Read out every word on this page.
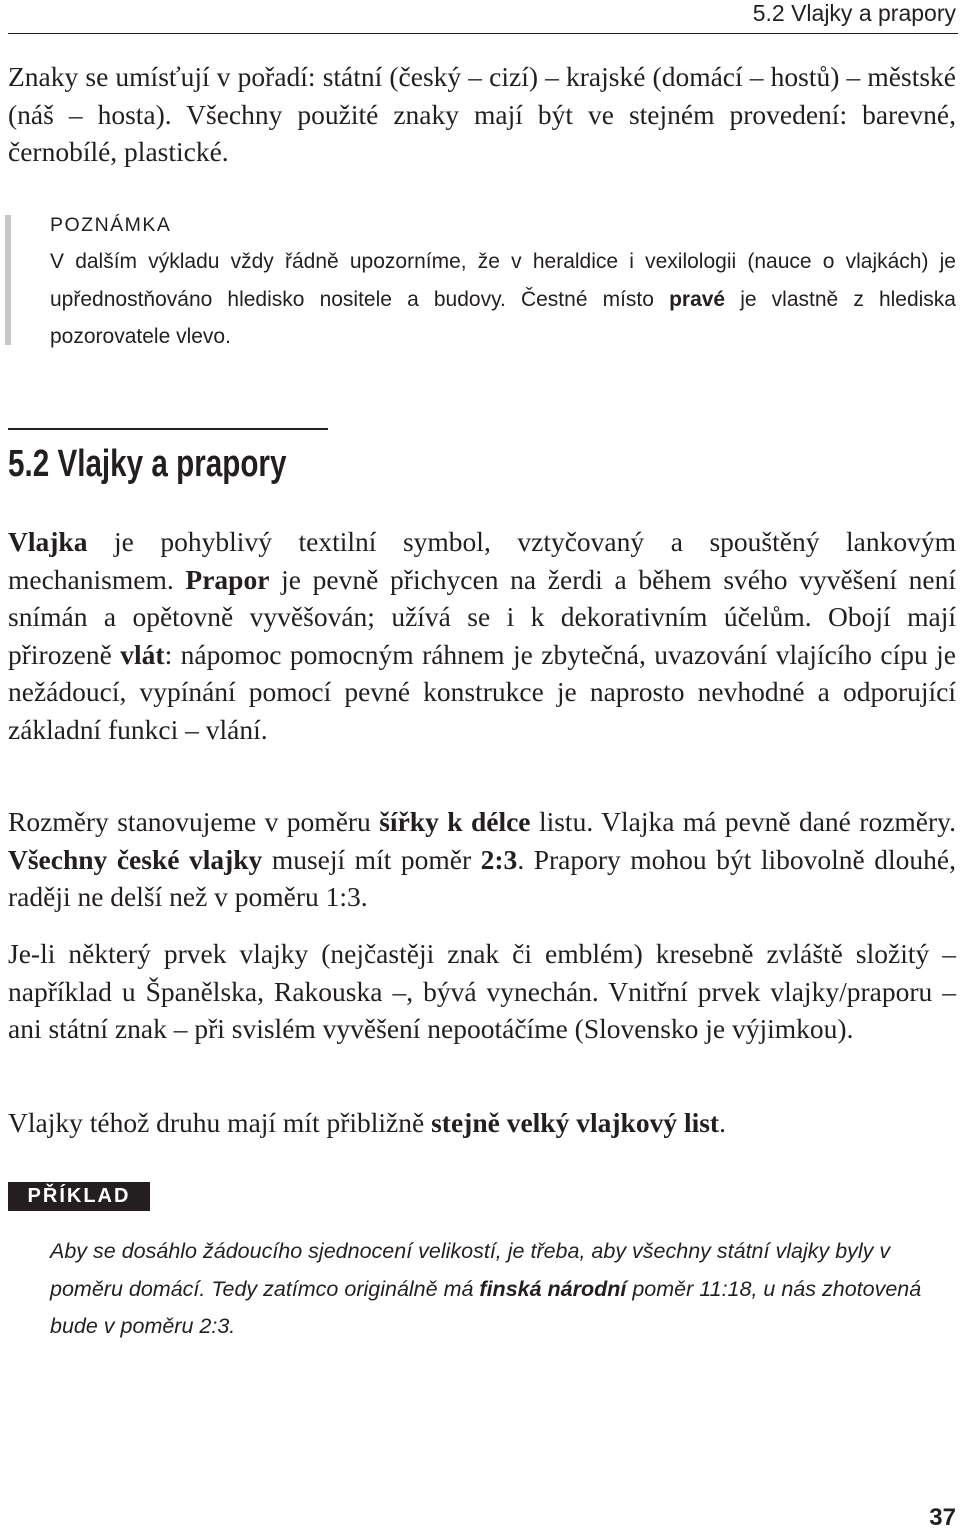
5.2 Vlajky a prapory

Znaky se umísťují v pořadí: státní (český – cizí) – krajské (domácí – hostů) – městské (náš – hosta). Všechny použité znaky mají být ve stejném provedení: barevné, černobílé, plastické.

POZNÁMKA

V dalším výkladu vždy řádně upozorníme, že v heraldice i vexilologii (nauce o vlajkách) je upřednostňováno hledisko nositele a budovy. Čestné místo pravé je vlastně z hlediska pozorovatele vlevo.

5.2 Vlajky a prapory

Vlajka je pohyblivý textilní symbol, vztyčovaný a spouštěný lankovým mechanismem. Prapor je pevně přichycen na žerdi a během svého vyvěšení není snímán a opětovně vyvěšován; užívá se i k dekorativním účelům. Obojí mají přirozeně vlát: nápomoc pomocným ráhnem je zbytečná, uvazování vlajícího cípu je nežádoucí, vypínání pomocí pevné konstrukce je naprosto nevhodné a odporující základní funkci – vlání.

Rozměry stanovujeme v poměru šířky k délce listu. Vlajka má pevně dané rozměry. Všechny české vlajky musejí mít poměr 2:3. Prapory mohou být libovolně dlouhé, raději ne delší než v poměru 1:3.

Je-li některý prvek vlajky (nejčastěji znak či emblém) kresebně zvláště složitý – například u Španělska, Rakouska –, bývá vynechán. Vnitřní prvek vlajky/praporu – ani státní znak – při svislém vyvěšení nepootáčíme (Slovensko je výjimkou).

Vlajky téhož druhu mají mít přibližně stejně velký vlajkový list.

PŘÍKLAD

Aby se dosáhlo žádoucího sjednocení velikostí, je třeba, aby všechny státní vlajky byly v poměru domácí. Tedy zatímco originálně má finská národní poměr 11:18, u nás zhotovená bude v poměru 2:3.

37
